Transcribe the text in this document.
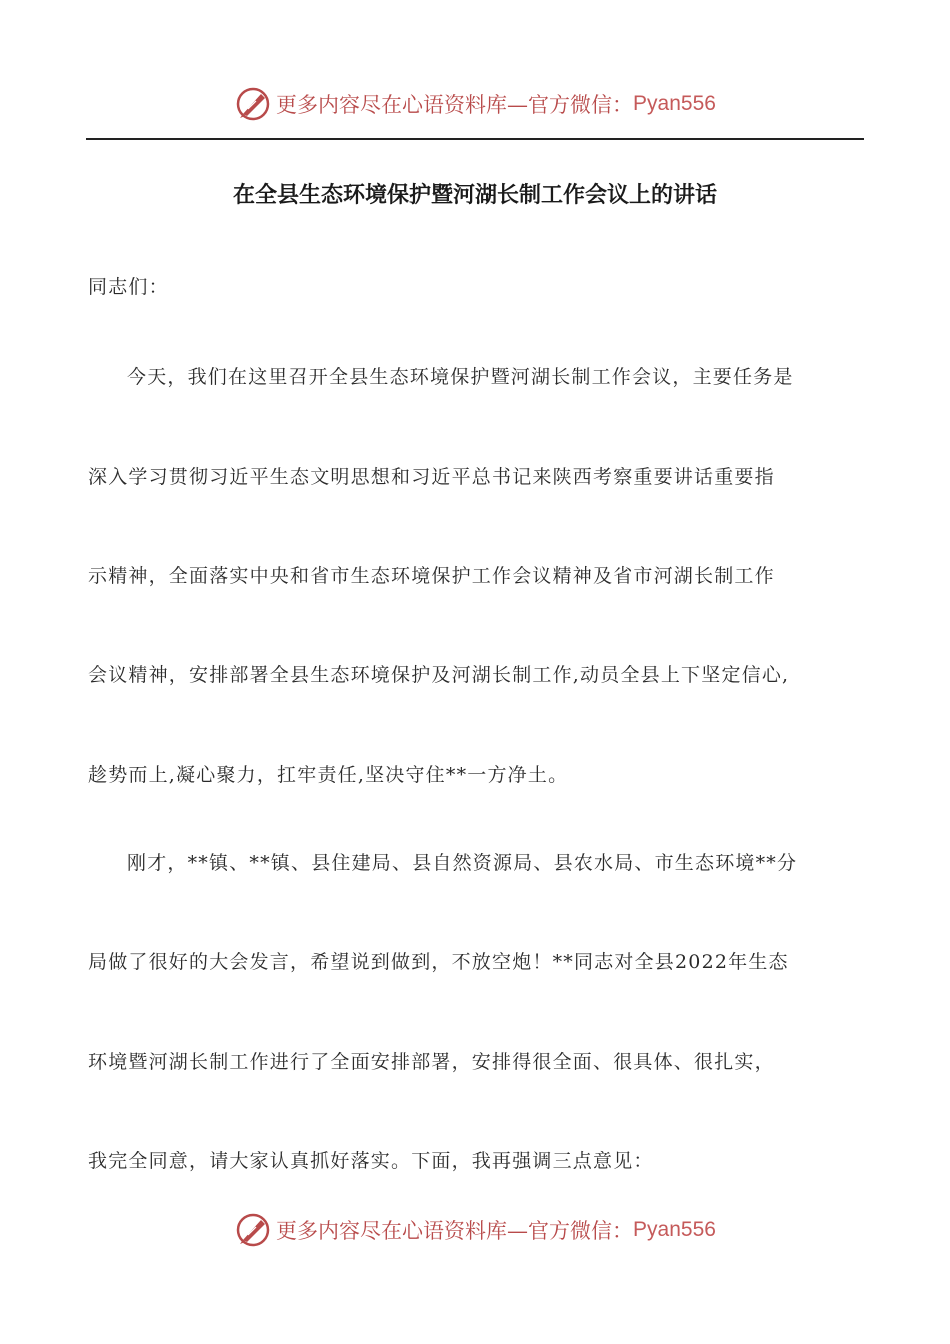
更多内容尽在心语资料库—官方微信： Pyan556
在全县生态环境保护暨河湖长制工作会议上的讲话
同志们：
今天，我们在这里召开全县生态环境保护暨河湖长制工作会议，主要任务是
深入学习贯彻习近平生态文明思想和习近平总书记来陕西考察重要讲话重要指
示精神，全面落实中央和省市生态环境保护工作会议精神及省市河湖长制工作
会议精神，安排部署全县生态环境保护及河湖长制工作,动员全县上下坚定信心,
趁势而上,凝心聚力，扛牢责任,坚决守住**一方净土。
刚才，**镇、**镇、县住建局、县自然资源局、县农水局、市生态环境**分
局做了很好的大会发言，希望说到做到，不放空炮！**同志对全县2022年生态
环境暨河湖长制工作进行了全面安排部署，安排得很全面、很具体、很扎实，
我完全同意，请大家认真抓好落实。下面，我再强调三点意见：
更多内容尽在心语资料库—官方微信： Pyan556
